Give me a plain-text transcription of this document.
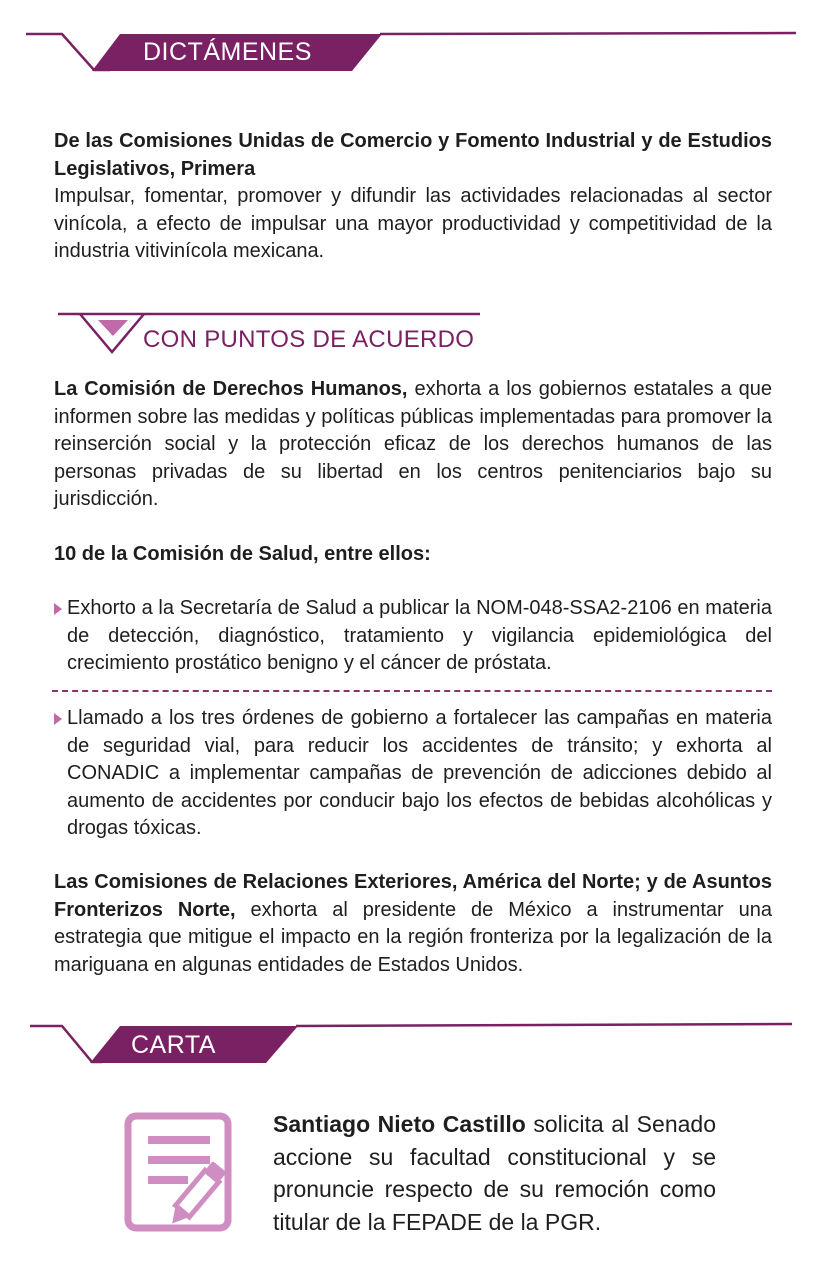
DICTÁMENES

De las Comisiones Unidas de Comercio y Fomento Industrial y de Estudios Legislativos, Primera

Impulsar, fomentar, promover y difundir las actividades relacionadas al sector vinícola, a efecto de impulsar una mayor productividad y competitividad de la industria vitivinícola mexicana.

CON PUNTOS DE ACUERDO

La Comisión de Derechos Humanos, exhorta a los gobiernos estatales a que informen sobre las medidas y políticas públicas implementadas para promover la reinserción social y la protección eficaz de los derechos humanos de las personas privadas de su libertad en los centros penitenciarios bajo su jurisdicción.

10 de la Comisión de Salud, entre ellos:

Exhorto a la Secretaría de Salud a publicar la NOM-048-SSA2-2106 en materia de detección, diagnóstico, tratamiento y vigilancia epidemiológica del crecimiento prostático benigno y el cáncer de próstata.
Llamado a los tres órdenes de gobierno a fortalecer las campañas en materia de seguridad vial, para reducir los accidentes de tránsito; y exhorta al CONADIC a implementar campañas de prevención de adicciones debido al aumento de accidentes por conducir bajo los efectos de bebidas alcohólicas y drogas tóxicas.

Las Comisiones de Relaciones Exteriores, América del Norte; y de Asuntos Fronterizos Norte, exhorta al presidente de México a instrumentar una estrategia que mitigue el impacto en la región fronteriza por la legalización de la mariguana en algunas entidades de Estados Unidos.

CARTA
Santiago Nieto Castillo solicita al Senado accione su facultad constitucional y se pronuncie respecto de su remoción como titular de la FEPADE de la PGR.
